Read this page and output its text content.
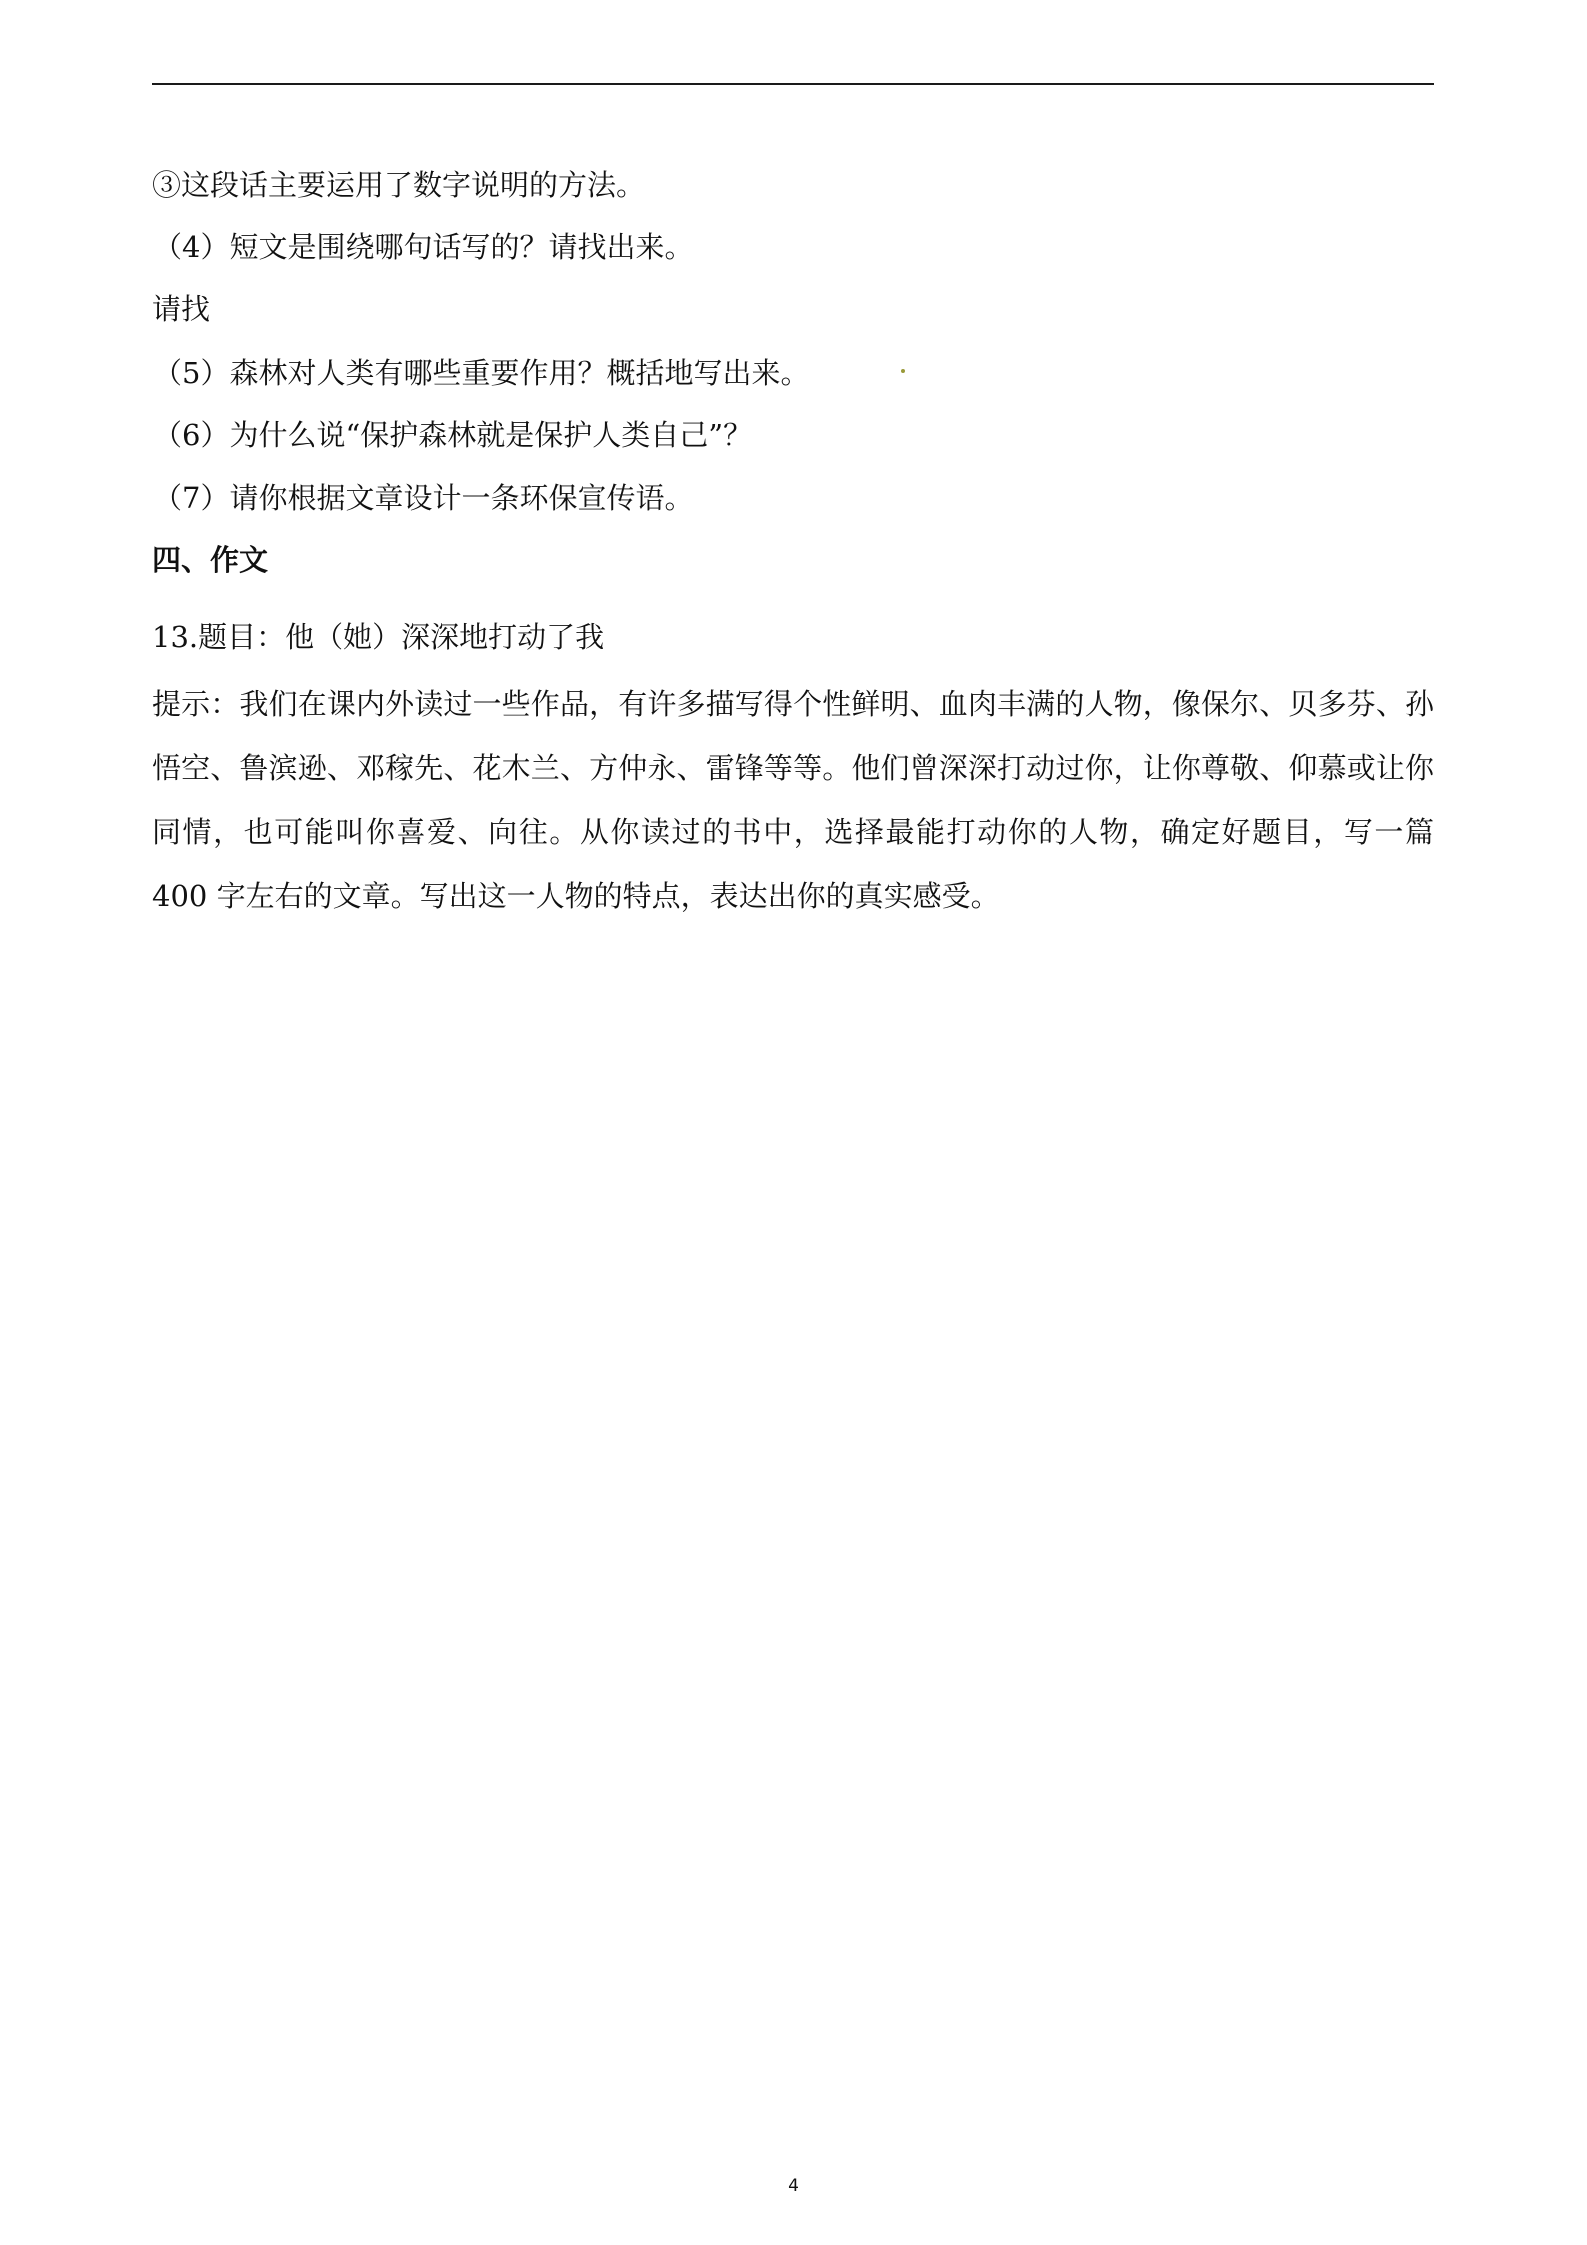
③这段话主要运用了数字说明的方法。
（4）短文是围绕哪句话写的？请找出来。
请找
（5）森林对人类有哪些重要作用？概括地写出来。
（6）为什么说“保护森林就是保护人类自己”？
（7）请你根据文章设计一条环保宣传语。
四、作文
13.题目：他（她）深深地打动了我
提示：我们在课内外读过一些作品，有许多描写得个性鲜明、血肉丰满的人物，像保尔、贝多芬、孙悟空、鲁滨逊、邓稼先、花木兰、方仲永、雷锋等等。他们曾深深打动过你，让你尊敬、仰慕或让你同情，也可能叫你喜爱、向往。从你读过的书中，选择最能打动你的人物，确定好题目，写一篇 400 字左右的文章。写出这一人物的特点，表达出你的真实感受。
4
